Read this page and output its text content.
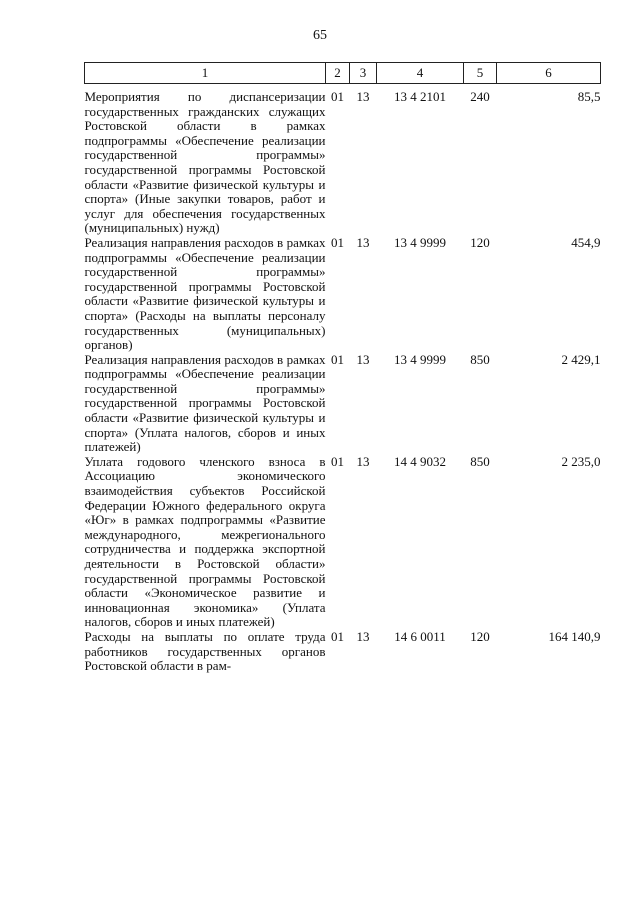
65
1	2	3	4	5	6
Мероприятия по диспансеризации государственных гражданских служащих Ростовской области в рамках подпрограммы «Обеспечение реализации государственной программы» государственной программы Ростовской области «Развитие физической культуры и спорта» (Иные закупки товаров, работ и услуг для обеспечения государственных (муниципальных) нужд)	01	13	13 4 2101	240	85,5
Реализация направления расходов в рамках подпрограммы «Обеспечение реализации государственной программы» государственной программы Ростовской области «Развитие физической культуры и спорта» (Расходы на выплаты персоналу государственных (муниципальных) органов)	01	13	13 4 9999	120	454,9
Реализация направления расходов в рамках подпрограммы «Обеспечение реализации государственной программы» государственной программы Ростовской области «Развитие физической культуры и спорта» (Уплата налогов, сборов и иных платежей)	01	13	13 4 9999	850	2 429,1
Уплата годового членского взноса в Ассоциацию экономического взаимодействия субъектов Российской Федерации Южного федерального округа «Юг» в рамках подпрограммы «Развитие международного, межрегионального сотрудничества и поддержка экспортной деятельности в Ростовской области» государственной программы Ростовской области «Экономическое развитие и инновационная экономика» (Уплата налогов, сборов и иных платежей)	01	13	14 4 9032	850	2 235,0
Расходы на выплаты по оплате труда работников государственных органов Ростовской области в рам-	01	13	14 6 0011	120	164 140,9
